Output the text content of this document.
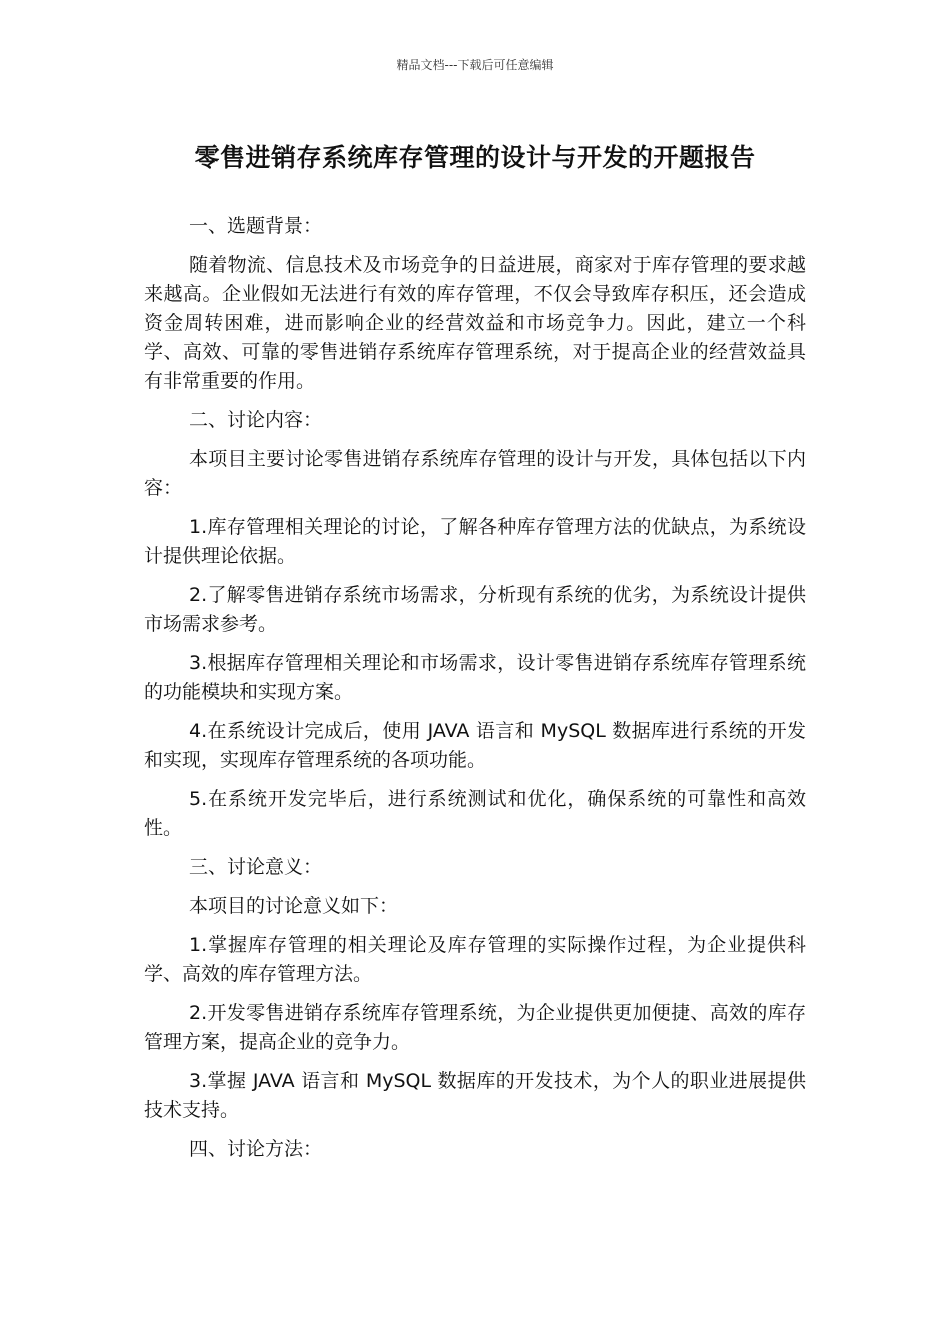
精品文档---下载后可任意编辑
零售进销存系统库存管理的设计与开发的开题报告

一、选题背景：

随着物流、信息技术及市场竞争的日益进展，商家对于库存管理的要求越来越高。企业假如无法进行有效的库存管理，不仅会导致库存积压，还会造成资金周转困难，进而影响企业的经营效益和市场竞争力。因此，建立一个科学、高效、可靠的零售进销存系统库存管理系统，对于提高企业的经营效益具有非常重要的作用。

二、讨论内容：

本项目主要讨论零售进销存系统库存管理的设计与开发，具体包括以下内容：

1.库存管理相关理论的讨论，了解各种库存管理方法的优缺点，为系统设计提供理论依据。

2.了解零售进销存系统市场需求，分析现有系统的优劣，为系统设计提供市场需求参考。

3.根据库存管理相关理论和市场需求，设计零售进销存系统库存管理系统的功能模块和实现方案。

4.在系统设计完成后，使用 JAVA 语言和 MySQL 数据库进行系统的开发和实现，实现库存管理系统的各项功能。

5.在系统开发完毕后，进行系统测试和优化，确保系统的可靠性和高效性。

三、讨论意义：

本项目的讨论意义如下：

1.掌握库存管理的相关理论及库存管理的实际操作过程，为企业提供科学、高效的库存管理方法。

2.开发零售进销存系统库存管理系统，为企业提供更加便捷、高效的库存管理方案，提高企业的竞争力。

3.掌握 JAVA 语言和 MySQL 数据库的开发技术，为个人的职业进展提供技术支持。

四、讨论方法：
